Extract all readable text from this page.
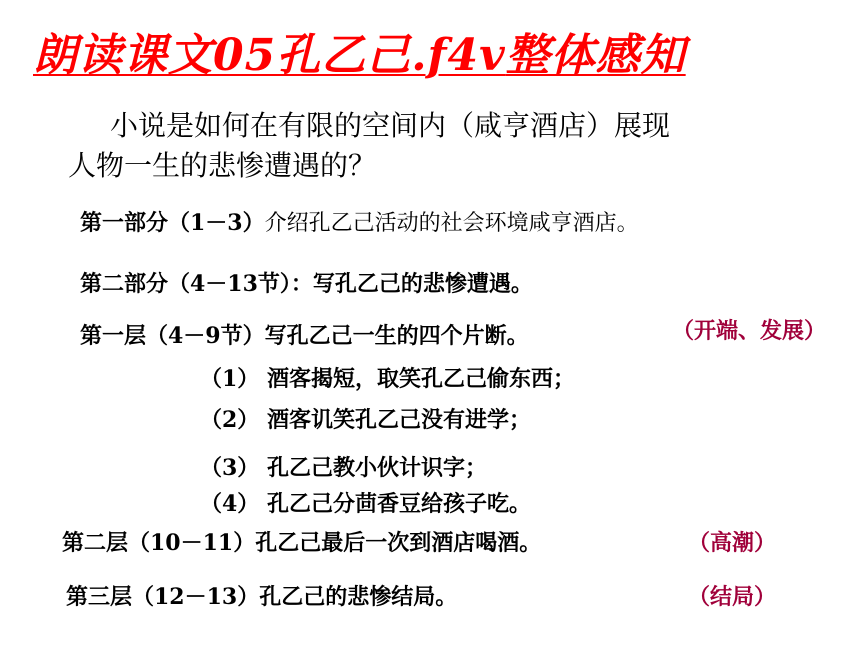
朗读课文05孔乙己.f4v整体感知
小说是如何在有限的空间内（咸亨酒店）展现
人物一生的悲惨遭遇的？
第一部分（1－3）介绍孔乙己活动的社会环境咸亨酒店。
第二部分（4－13节）：写孔乙己的悲惨遭遇。
第一层（4－9节）写孔乙己一生的四个片断。	（开端、发展）
（1） 酒客揭短，取笑孔乙己偷东西；
（2） 酒客讥笑孔乙己没有进学；
（3） 孔乙己教小伙计识字；
（4） 孔乙己分茴香豆给孩子吃。
第二层（10－11）孔乙己最后一次到酒店喝酒。	（高潮）
第三层（12－13）孔乙己的悲惨结局。	（结局）
